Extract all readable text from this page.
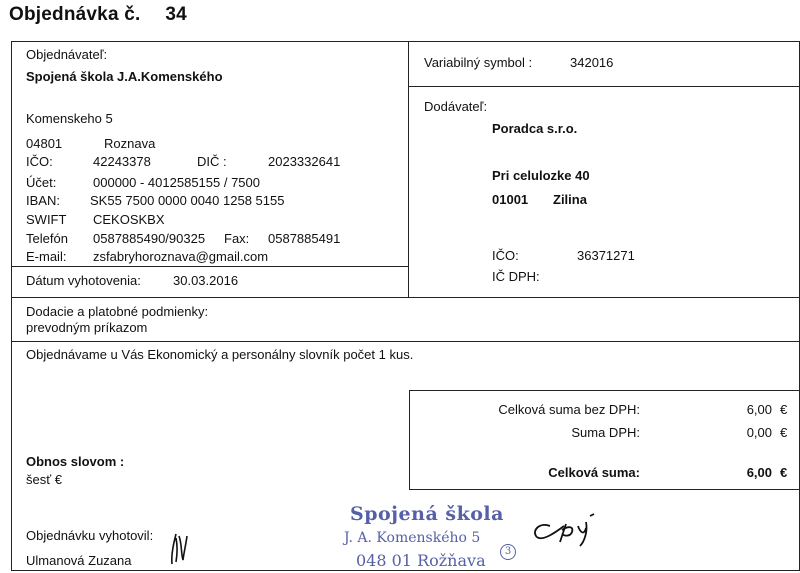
Objednávka č. 34
Objednávateľ:
Spojená škola J.A.Komenského
Komenskeho 5
04801	Roznava
IČO:	42243378	DIČ :	2023332641
Účet:	000000 - 4012585155 / 7500
IBAN: SK55 7500 0000 0040 1258 5155
SWIFT CEKOSKBX
Telefón 0587885490/90325 Fax: 0587885491
E-mail: zsfabryhoroznava@gmail.com
Dátum vyhotovenia: 30.03.2016
Variabilný symbol :	342016
Dodávateľ:
Poradca s.r.o.
Pri celulozke 40
01001 Zilina
IČO:	36371271
IČ DPH:
Dodacie a platobné podmienky:
prevodným príkazom
Objednávame u Vás Ekonomický a personálny slovník počet 1 kus.
Celková suma bez DPH:	6,00 €
Suma DPH:	0,00 €
Celková suma:	6,00 €
Obnos slovom :
šesť €
Objednávku vyhotovil:
Ulmanová Zuzana
Spojená škola
J. A. Komenského 5
048 01 Rožňava	3
